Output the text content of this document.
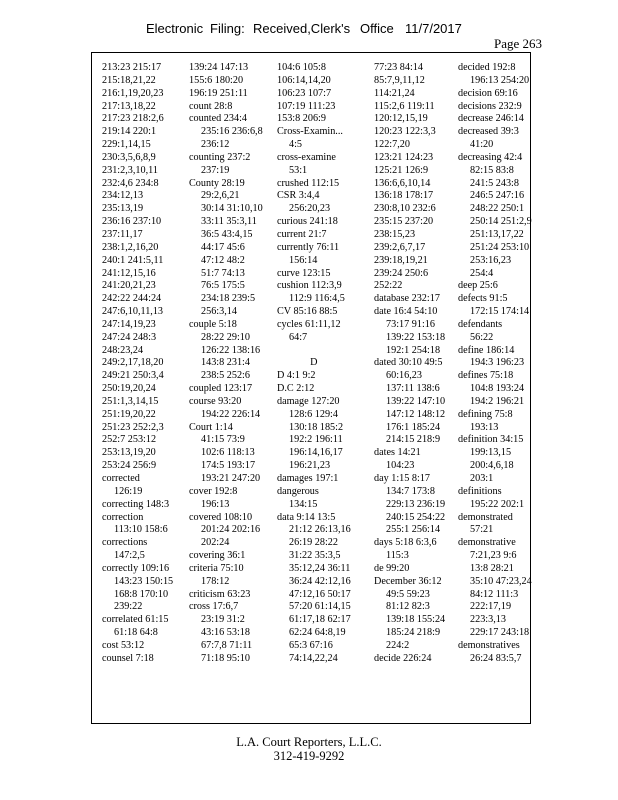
Electronic Filing: Received,Clerk's Office 11/7/2017
Page 263
213:23 215:17
215:18,21,22
216:1,19,20,23
217:13,18,22
217:23 218:2,6
219:14 220:1
229:1,14,15
230:3,5,6,8,9
231:2,3,10,11
232:4,6 234:8
234:12,13
235:13,19
236:16 237:10
237:11,17
238:1,2,16,20
240:1 241:5,11
241:12,15,16
241:20,21,23
242:22 244:24
247:6,10,11,13
247:14,19,23
247:24 248:3
248:23,24
249:2,17,18,20
249:21 250:3,4
250:19,20,24
251:1,3,14,15
251:19,20,22
251:23 252:2,3
252:7 253:12
253:13,19,20
253:24 256:9
corrected
126:19
correcting 148:3
correction
113:10 158:6
corrections
147:2,5
correctly 109:16
143:23 150:15
168:8 170:10
239:22
correlated 61:15
61:18 64:8
cost 53:12
counsel 7:18
139:24 147:13
155:6 180:20
196:19 251:11
count 28:8
counted 234:4
235:16 236:6,8
236:12
counting 237:2
237:19
County 28:19
29:2,6,21
30:14 31:10,10
33:11 35:3,11
36:5 43:4,15
44:17 45:6
47:12 48:2
51:7 74:13
76:5 175:5
234:18 239:5
256:3,14
couple 5:18
28:22 29:10
126:22 138:16
143:8 231:4
238:5 252:6
coupled 123:17
course 93:20
194:22 226:14
Court 1:14
41:15 73:9
102:6 118:13
174:5 193:17
193:21 247:20
cover 192:8
196:13
covered 108:10
201:24 202:16
202:24
covering 36:1
criteria 75:10
178:12
criticism 63:23
cross 17:6,7
23:19 31:2
43:16 53:18
67:7,8 71:11
71:18 95:10
104:6 105:8
106:14,14,20
106:23 107:7
107:19 111:23
153:8 206:9
Cross-Examin...
4:5
cross-examine
53:1
crushed 112:15
CSR 3:4,4
256:20,23
curious 241:18
current 21:7
currently 76:11
156:14
curve 123:15
cushion 112:3,9
112:9 116:4,5
CV 85:16 88:5
cycles 61:11,12
64:7
D
D 4:1 9:2
D.C 2:12
damage 127:20
128:6 129:4
130:18 185:2
192:2 196:11
196:14,16,17
196:21,23
damages 197:1
dangerous
134:15
data 9:14 13:5
21:12 26:13,16
26:19 28:22
31:22 35:3,5
35:12,24 36:11
36:24 42:12,16
47:12,16 50:17
57:20 61:14,15
61:17,18 62:17
62:24 64:8,19
65:3 67:16
74:14,22,24
77:23 84:14
85:7,9,11,12
114:21,24
115:2,6 119:11
120:12,15,19
120:23 122:3,3
122:7,20
123:21 124:23
125:21 126:9
136:6,6,10,14
136:18 178:17
230:8,10 232:6
235:15 237:20
238:15,23
239:2,6,7,17
239:18,19,21
239:24 250:6
252:22
database 232:17
date 16:4 54:10
73:17 91:16
139:22 153:18
192:1 254:18
dated 30:10 49:5
60:16,23
137:11 138:6
139:22 147:10
147:12 148:12
176:1 185:24
214:15 218:9
dates 14:21
104:23
day 1:15 8:17
134:7 173:8
229:13 236:19
240:15 254:22
255:1 256:14
days 5:18 6:3,6
115:3
de 99:20
December 36:12
49:5 59:23
81:12 82:3
139:18 155:24
185:24 218:9
224:2
decide 226:24
decided 192:8
196:13 254:20
decision 69:16
decisions 232:9
decrease 246:14
decreased 39:3
41:20
decreasing 42:4
82:15 83:8
241:5 243:8
246:5 247:16
248:22 250:1
250:14 251:2,9
251:13,17,22
251:24 253:10
253:16,23
254:4
deep 25:6
defects 91:5
172:15 174:14
defendants
56:22
define 186:14
194:3 196:23
defines 75:18
104:8 193:24
194:2 196:21
defining 75:8
193:13
definition 34:15
199:13,15
200:4,6,18
203:1
definitions
195:22 202:1
demonstrated
57:21
demonstrative
7:21,23 9:6
13:8 28:21
35:10 47:23,24
84:12 111:3
222:17,19
223:3,13
229:17 243:18
demonstratives
26:24 83:5,7
L.A. Court Reporters, L.L.C.
312-419-9292
